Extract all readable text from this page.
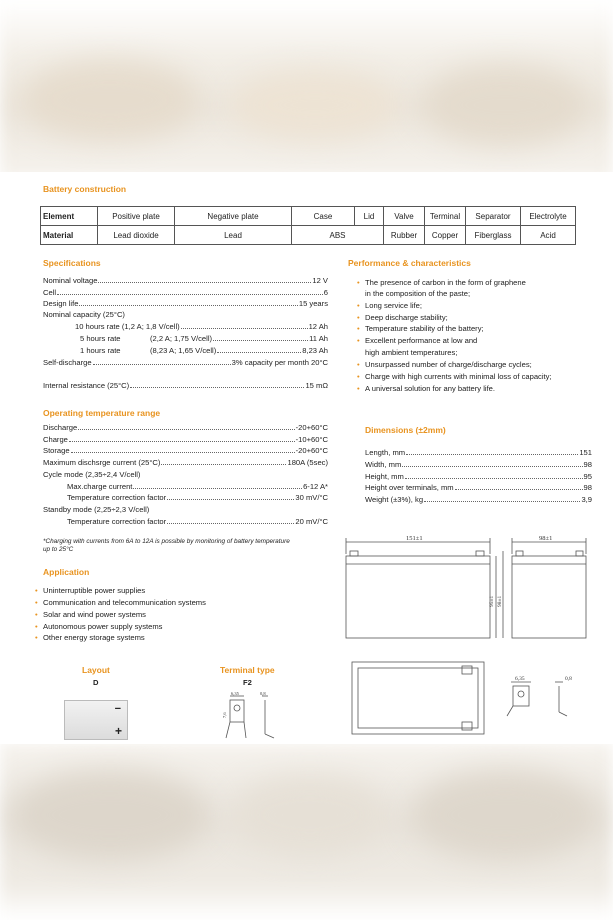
Battery construction
Element	Positive plate	Negative plate	Case	Lid	Valve	Terminal	Separator	Electrolyte
Material	Lead dioxide	Lead	ABS		Rubber	Copper	Fiberglass	Acid
Specifications
Nominal voltage	12 V
Cell	6
Design life	15 years
Nominal capacity (25°C)
10 hours rate (1,2 A; 1,8 V/cell)	12 Ah
5 hours rate	(2,2 A; 1,75 V/cell)	11 Ah
1 hours rate	(8,23 A; 1,65 V/cell)	8,23 Ah
Self-discharge	3% capacity per month 20°C
Internal resistance (25°C)	15 mΩ
Operating temperature range
Discharge	-20+60°C
Charge	-10+60°C
Storage	-20+60°C
Maximum dischsrge current (25°C)	180A (5sec)
Cycle mode (2,35÷2,4 V/cell)
Max.charge current	6-12 A*
Temperature correction factor	30 mV/°C
Standby mode (2,25÷2,3 V/cell)
Temperature correction factor	20 mV/°C
*Charging with currents from 6A to 12A is possible by monitoring of battery temperature
up to 25°C
Application
• Uninterruptible power supplies
• Communication and telecommunication systems
• Solar and wind power systems
• Autonomous power supply systems
• Other energy storage systems
Performance & characteristics
• The presence of carbon in the form of graphene
in the composition of the paste;
• Long service life;
• Deep discharge stability;
• Temperature stability of the battery;
• Excellent performance at low and
high ambient temperatures;
• Unsurpassed number of charge/discharge cycles;
• Charge with high currents with minimal loss of capacity;
• A universal solution for any battery life.
Dimensions (±2mm)
Length, mm	151
Width, mm	98
Height, mm	95
Height over terminals, mm	98
Weight (±3%), kg	3,9
151±1	98±1
95±1 98±1
6,35	0,8
Layout
D
−
+
Terminal type
F2
6,35	0,8
7,6
